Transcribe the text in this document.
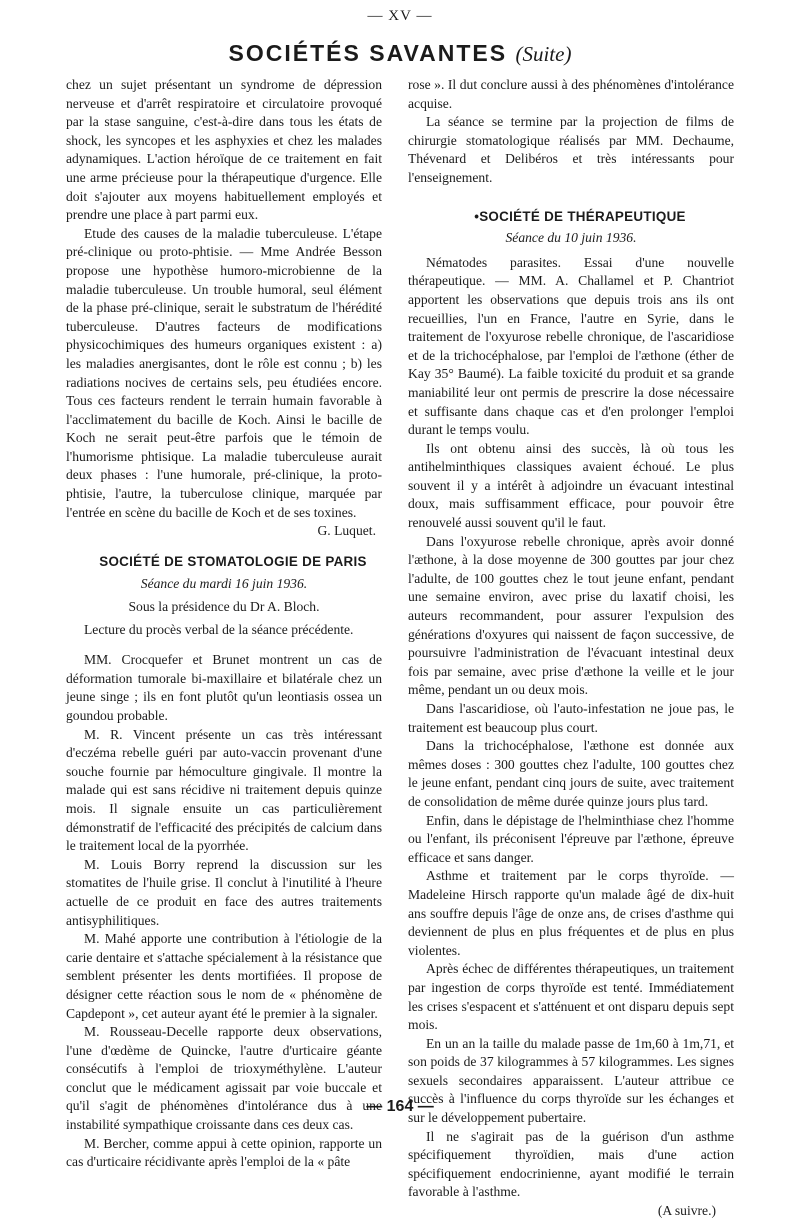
— XV —
SOCIÉTÉS SAVANTES (Suite)

chez un sujet présentant un syndrome de dépression nerveuse et d'arrêt respiratoire et circulatoire provoqué par la stase sanguine, c'est-à-dire dans tous les états de shock, les syncopes et les asphyxies et chez les malades adynamiques. L'action héroïque de ce traitement en fait une arme précieuse pour la thérapeutique d'urgence. Elle doit s'ajouter aux moyens habituellement employés et prendre une place à part parmi eux.

Etude des causes de la maladie tuberculeuse. L'étape pré-clinique ou proto-phtisie. — Mme Andrée Besson propose une hypothèse humoro-microbienne de la maladie tuberculeuse. Un trouble humoral, seul élément de la phase pré-clinique, serait le substratum de l'hérédité tuberculeuse. D'autres facteurs de modifications physicochimiques des humeurs organiques existent : a) les maladies anergisantes, dont le rôle est connu ; b) les radiations nocives de certains sels, peu étudiées encore. Tous ces facteurs rendent le terrain humain favorable à l'acclimatement du bacille de Koch. Ainsi le bacille de Koch ne serait peut-être parfois que le témoin de l'humorisme phtisique. La maladie tuberculeuse aurait deux phases : l'une humorale, pré-clinique, la proto-phtisie, l'autre, la tuberculose clinique, marquée par l'entrée en scène du bacille de Koch et de ses toxines.

G. Luquet.

SOCIÉTÉ DE STOMATOLOGIE DE PARIS

Séance du mardi 16 juin 1936.

Sous la présidence du Dr A. Bloch.

Lecture du procès verbal de la séance précédente.

MM. Crocquefer et Brunet montrent un cas de déformation tumorale bi-maxillaire et bilatérale chez un jeune singe ; ils en font plutôt qu'un leontiasis ossea un goundou probable.

M. R. Vincent présente un cas très intéressant d'eczéma rebelle guéri par auto-vaccin provenant d'une souche fournie par hémoculture gingivale. Il montre la malade qui est sans récidive ni traitement depuis quinze mois. Il signale ensuite un cas particulièrement démonstratif de l'efficacité des précipités de calcium dans le traitement local de la pyorrhée.

M. Louis Borry reprend la discussion sur les stomatites de l'huile grise. Il conclut à l'inutilité à l'heure actuelle de ce produit en face des autres traitements antisyphilitiques.

M. Mahé apporte une contribution à l'étiologie de la carie dentaire et s'attache spécialement à la résistance que semblent présenter les dents mortifiées. Il propose de désigner cette réaction sous le nom de « phénomène de Capdepont », cet auteur ayant été le premier à la signaler.

M. Rousseau-Decelle rapporte deux observations, l'une d'œdème de Quincke, l'autre d'urticaire géante consécutifs à l'emploi de trioxyméthylène. L'auteur conclut que le médicament agissait par voie buccale et qu'il s'agit de phénomènes d'intolérance dus à une instabilité sympathique croissante dans ces deux cas.

M. Bercher, comme appui à cette opinion, rapporte un cas d'urticaire récidivante après l'emploi de la « pâte

rose ». Il dut conclure aussi à des phénomènes d'intolérance acquise.

La séance se termine par la projection de films de chirurgie stomatologique réalisés par MM. Dechaume, Thévenard et Delibéros et très intéressants pour l'enseignement.

•SOCIÉTÉ DE THÉRAPEUTIQUE

Séance du 10 juin 1936.

Nématodes parasites. Essai d'une nouvelle thérapeutique. — MM. A. Challamel et P. Chantriot apportent les observations que depuis trois ans ils ont recueillies, l'un en France, l'autre en Syrie, dans le traitement de l'oxyurose rebelle chronique, de l'ascaridiose et de la trichocéphalose, par l'emploi de l'æthone (éther de Kay 35° Baumé). La faible toxicité du produit et sa grande maniabilité leur ont permis de prescrire la dose nécessaire et suffisante dans chaque cas et d'en prolonger l'emploi durant le temps voulu.

Ils ont obtenu ainsi des succès, là où tous les antihelminthiques classiques avaient échoué. Le plus souvent il y a intérêt à adjoindre un évacuant intestinal doux, mais suffisamment efficace, pour pouvoir être renouvelé aussi souvent qu'il le faut.

Dans l'oxyurose rebelle chronique, après avoir donné l'æthone, à la dose moyenne de 300 gouttes par jour chez l'adulte, de 100 gouttes chez le tout jeune enfant, pendant une semaine environ, avec prise du laxatif choisi, les auteurs recommandent, pour assurer l'expulsion des générations d'oxyures qui naissent de façon successive, de poursuivre l'administration de l'évacuant intestinal deux fois par semaine, avec prise d'æthone la veille et le jour même, pendant un ou deux mois.

Dans l'ascaridiose, où l'auto-infestation ne joue pas, le traitement est beaucoup plus court.

Dans la trichocéphalose, l'æthone est donnée aux mêmes doses : 300 gouttes chez l'adulte, 100 gouttes chez le jeune enfant, pendant cinq jours de suite, avec traitement de consolidation de même durée quinze jours plus tard.

Enfin, dans le dépistage de l'helminthiase chez l'homme ou l'enfant, ils préconisent l'épreuve par l'æthone, épreuve efficace et sans danger.

Asthme et traitement par le corps thyroïde. — Madeleine Hirsch rapporte qu'un malade âgé de dix-huit ans souffre depuis l'âge de onze ans, de crises d'asthme qui deviennent de plus en plus fréquentes et de plus en plus violentes.

Après échec de différentes thérapeutiques, un traitement par ingestion de corps thyroïde est tenté. Immédiatement les crises s'espacent et s'atténuent et ont disparu depuis sept mois.

En un an la taille du malade passe de 1m,60 à 1m,71, et son poids de 37 kilogrammes à 57 kilogrammes. Les signes sexuels secondaires apparaissent. L'auteur attribue ce succès à l'influence du corps thyroïde sur les échanges et sur le développement pubertaire.

Il ne s'agirait pas de la guérison d'un asthme spécifiquement thyroïdien, mais d'une action spécifiquement endocrinienne, ayant modifié le terrain favorable à l'asthme.

(A suivre.)

— 164 —
